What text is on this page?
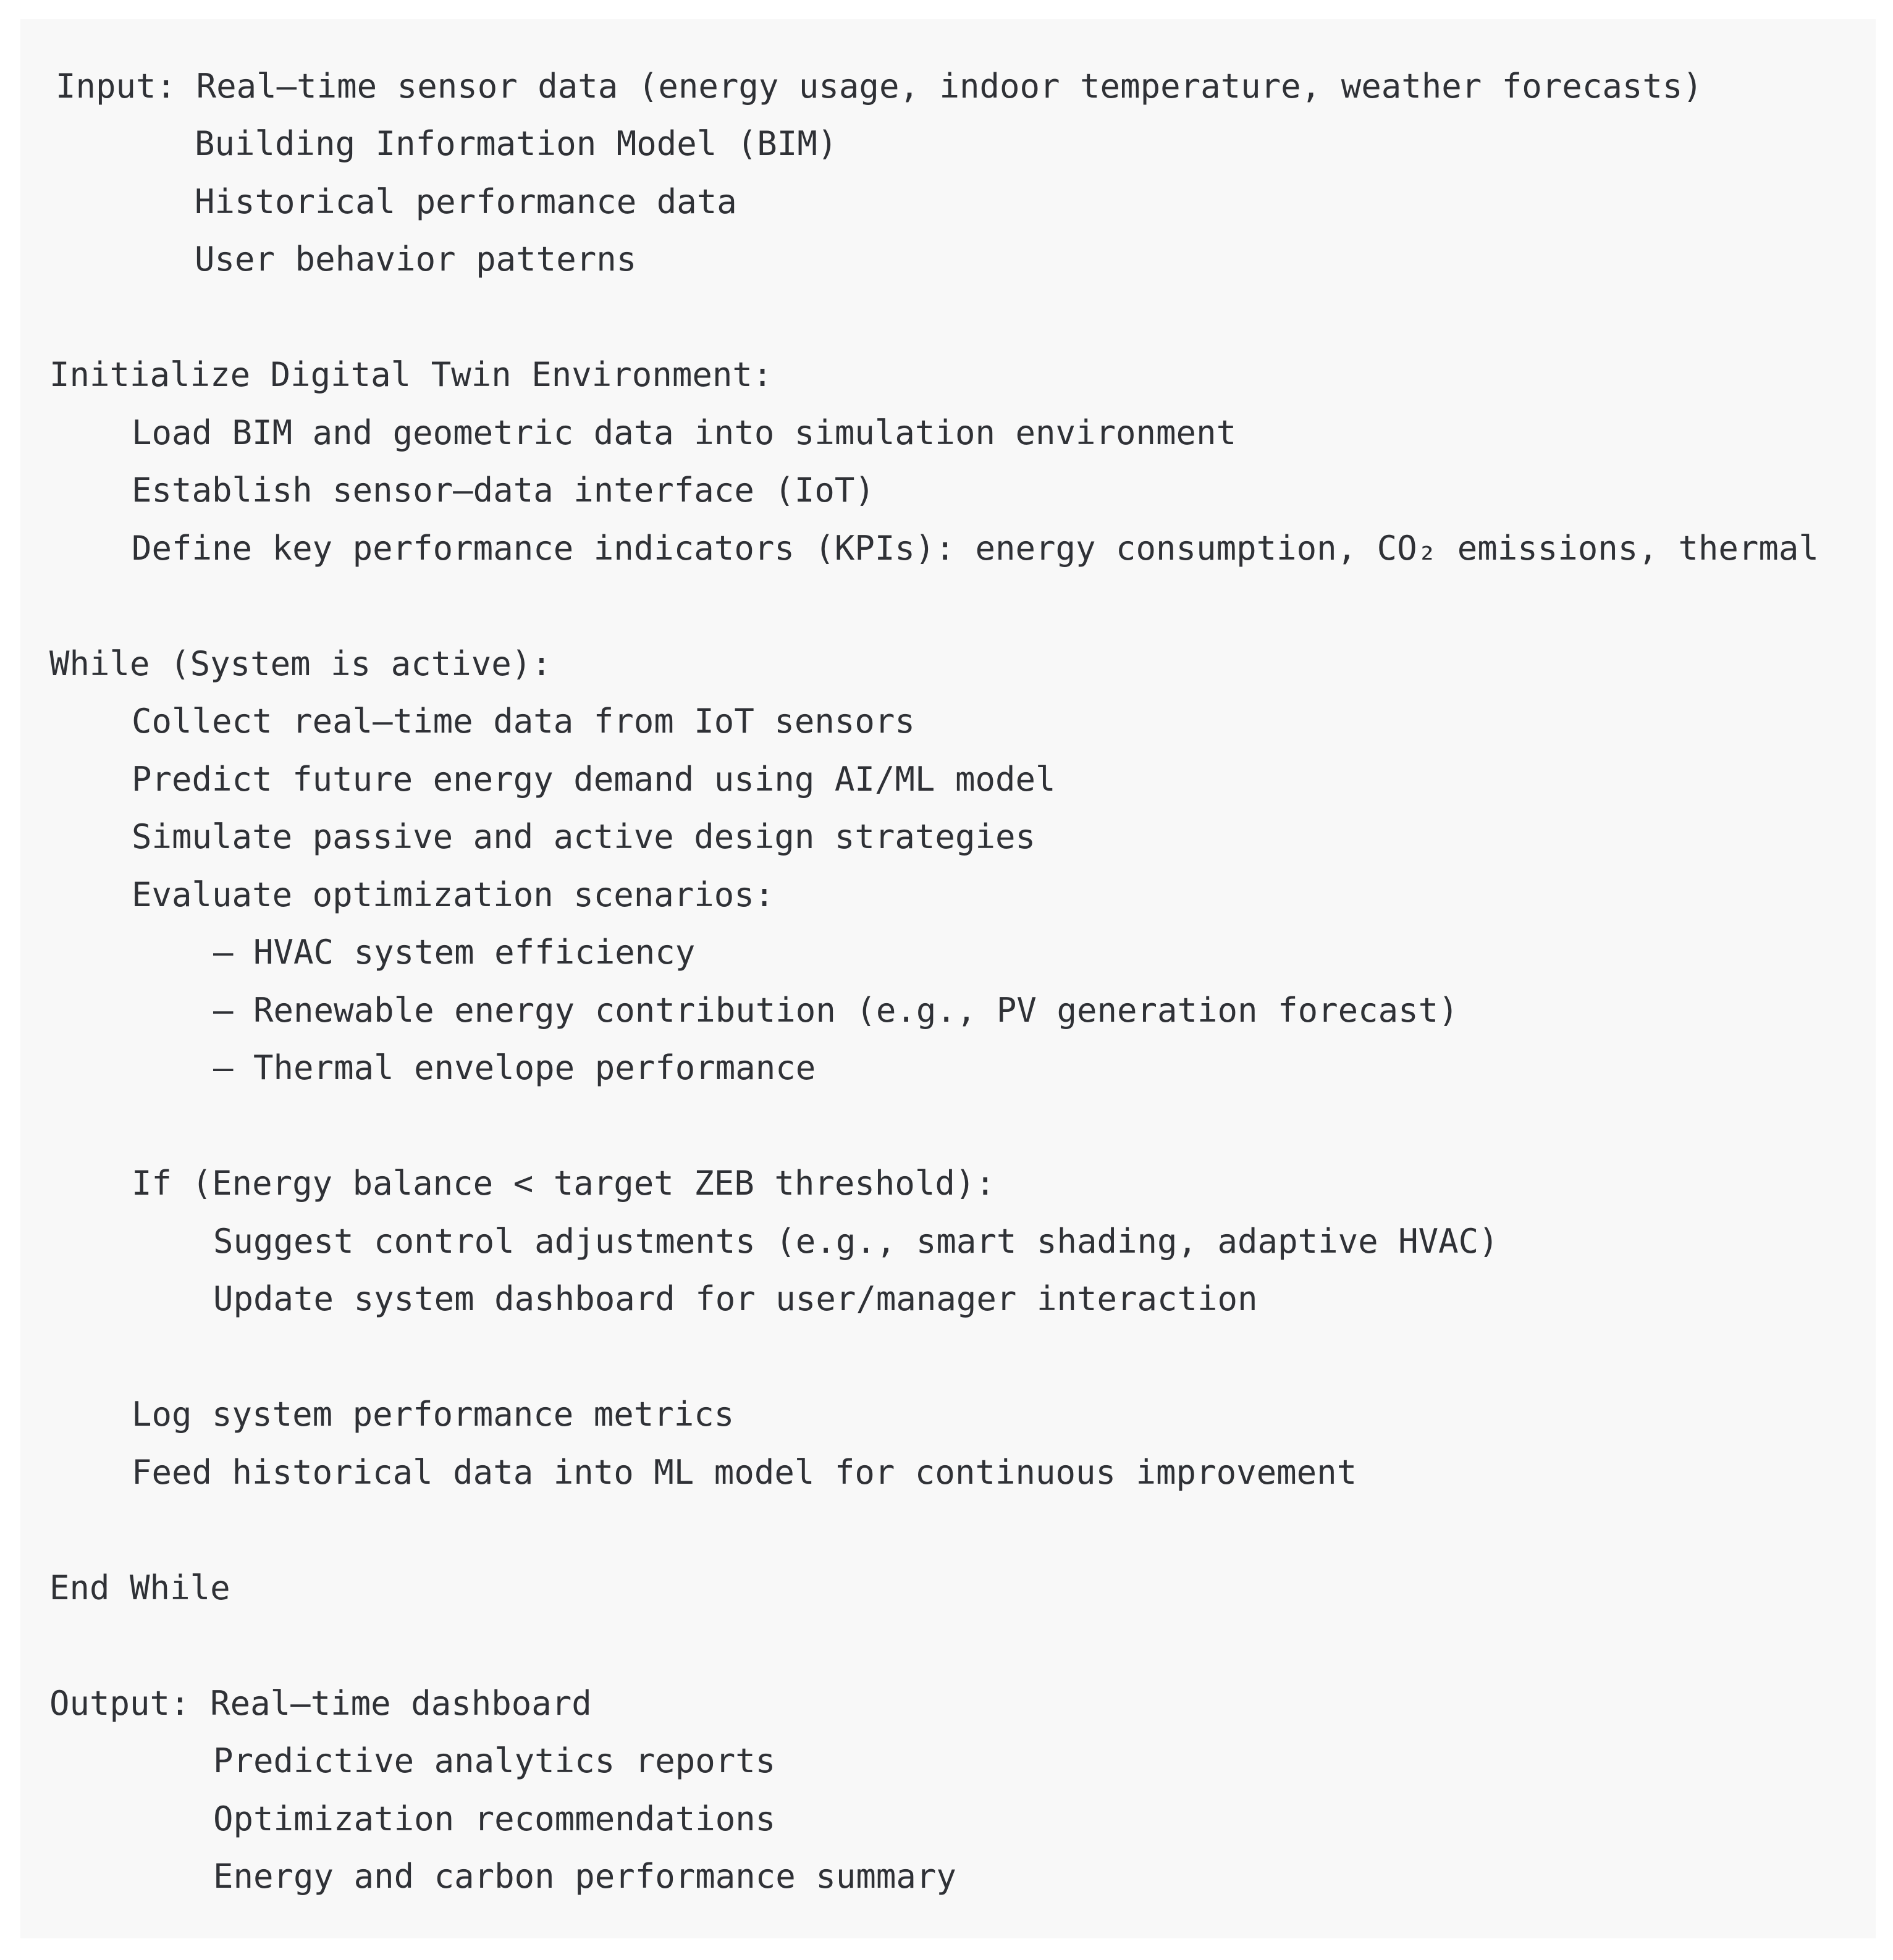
Input: Real–time sensor data (energy usage, indoor temperature, weather forecasts)
Building Information Model (BIM)
Historical performance data
User behavior patterns
Initialize Digital Twin Environment:
Load BIM and geometric data into simulation environment
Establish sensor–data interface (IoT)
Define key performance indicators (KPIs): energy consumption, CO₂ emissions, thermal
While (System is active):
Collect real–time data from IoT sensors
Predict future energy demand using AI/ML model
Simulate passive and active design strategies
Evaluate optimization scenarios:
– HVAC system efficiency
– Renewable energy contribution (e.g., PV generation forecast)
– Thermal envelope performance
If (Energy balance < target ZEB threshold):
Suggest control adjustments (e.g., smart shading, adaptive HVAC)
Update system dashboard for user/manager interaction
Log system performance metrics
Feed historical data into ML model for continuous improvement
End While
Output: Real–time dashboard
Predictive analytics reports
Optimization recommendations
Energy and carbon performance summary
